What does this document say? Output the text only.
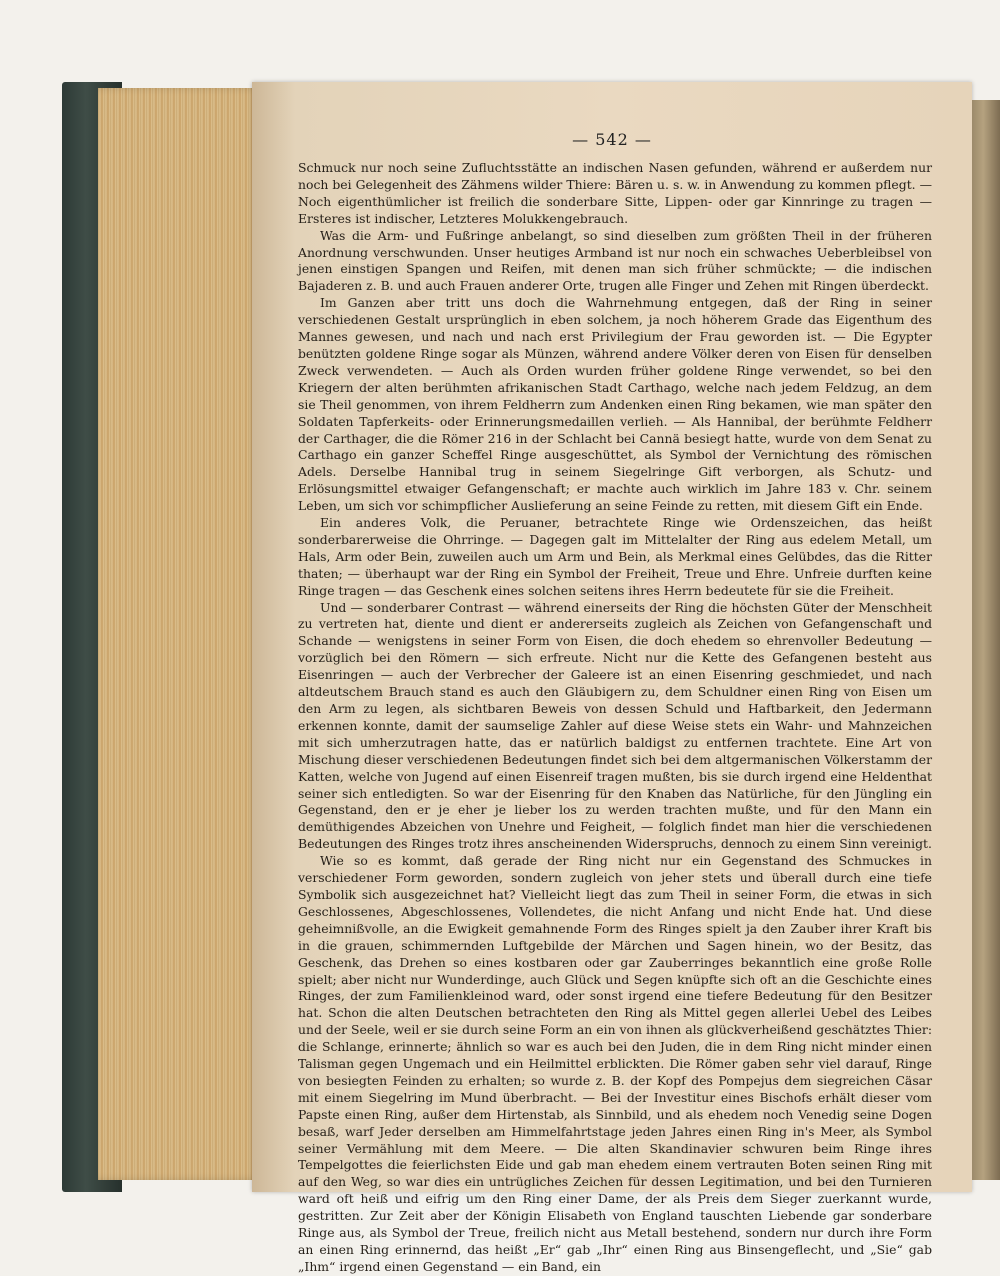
— 542 —

Schmuck nur noch seine Zufluchtsstätte an indischen Nasen gefunden, während er außerdem nur noch bei Gelegenheit des Zähmens wilder Thiere: Bären u. s. w. in Anwendung zu kommen pflegt. — Noch eigenthümlicher ist freilich die sonderbare Sitte, Lippen- oder gar Kinnringe zu tragen — Ersteres ist indischer, Letzteres Molukkengebrauch.

Was die Arm- und Fußringe anbelangt, so sind dieselben zum größten Theil in der früheren Anordnung verschwunden. Unser heutiges Armband ist nur noch ein schwaches Ueberbleibsel von jenen einstigen Spangen und Reifen, mit denen man sich früher schmückte; — die indischen Bajaderen z. B. und auch Frauen anderer Orte, trugen alle Finger und Zehen mit Ringen überdeckt.

Im Ganzen aber tritt uns doch die Wahrnehmung entgegen, daß der Ring in seiner verschiedenen Gestalt ursprünglich in eben solchem, ja noch höherem Grade das Eigenthum des Mannes gewesen, und nach und nach erst Privilegium der Frau geworden ist. — Die Egypter benützten goldene Ringe sogar als Münzen, während andere Völker deren von Eisen für denselben Zweck verwendeten. — Auch als Orden wurden früher goldene Ringe verwendet, so bei den Kriegern der alten berühmten afrikanischen Stadt Carthago, welche nach jedem Feldzug, an dem sie Theil genommen, von ihrem Feldherrn zum Andenken einen Ring bekamen, wie man später den Soldaten Tapferkeits- oder Erinnerungsmedaillen verlieh. — Als Hannibal, der berühmte Feldherr der Carthager, die die Römer 216 in der Schlacht bei Cannä besiegt hatte, wurde von dem Senat zu Carthago ein ganzer Scheffel Ringe ausgeschüttet, als Symbol der Vernichtung des römischen Adels. Derselbe Hannibal trug in seinem Siegelringe Gift verborgen, als Schutz- und Erlösungsmittel etwaiger Gefangenschaft; er machte auch wirklich im Jahre 183 v. Chr. seinem Leben, um sich vor schimpflicher Auslieferung an seine Feinde zu retten, mit diesem Gift ein Ende.

Ein anderes Volk, die Peruaner, betrachtete Ringe wie Ordenszeichen, das heißt sonderbarerweise die Ohrringe. — Dagegen galt im Mittelalter der Ring aus edelem Metall, um Hals, Arm oder Bein, zuweilen auch um Arm und Bein, als Merkmal eines Gelübdes, das die Ritter thaten; — überhaupt war der Ring ein Symbol der Freiheit, Treue und Ehre. Unfreie durften keine Ringe tragen — das Geschenk eines solchen seitens ihres Herrn bedeutete für sie die Freiheit.

Und — sonderbarer Contrast — während einerseits der Ring die höchsten Güter der Menschheit zu vertreten hat, diente und dient er andererseits zugleich als Zeichen von Gefangenschaft und Schande — wenigstens in seiner Form von Eisen, die doch ehedem so ehrenvoller Bedeutung — vorzüglich bei den Römern — sich erfreute. Nicht nur die Kette des Gefangenen besteht aus Eisenringen — auch der Verbrecher der Galeere ist an einen Eisenring geschmiedet, und nach altdeutschem Brauch stand es auch den Gläubigern zu, dem Schuldner einen Ring von Eisen um den Arm zu legen, als sichtbaren Beweis von dessen Schuld und Haftbarkeit, den Jedermann erkennen konnte, damit der saumselige Zahler auf diese Weise stets ein Wahr- und Mahnzeichen mit sich umherzutragen hatte, das er natürlich baldigst zu entfernen trachtete. Eine Art von Mischung dieser verschiedenen Bedeutungen findet sich bei dem altgermanischen Völkerstamm der Katten, welche von Jugend auf einen Eisenreif tragen mußten, bis sie durch irgend eine Heldenthat seiner sich entledigten. So war der Eisenring für den Knaben das Natürliche, für den Jüngling ein Gegenstand, den er je eher je lieber los zu werden trachten mußte, und für den Mann ein demüthigendes Abzeichen von Unehre und Feigheit, — folglich findet man hier die verschiedenen Bedeutungen des Ringes trotz ihres anscheinenden Widerspruchs, dennoch zu einem Sinn vereinigt.

Wie so es kommt, daß gerade der Ring nicht nur ein Gegenstand des Schmuckes in verschiedener Form geworden, sondern zugleich von jeher stets und überall durch eine tiefe Symbolik sich ausgezeichnet hat? Vielleicht liegt das zum Theil in seiner Form, die etwas in sich Geschlossenes, Abgeschlossenes, Vollendetes, die nicht Anfang und nicht Ende hat. Und diese geheimnißvolle, an die Ewigkeit gemahnende Form des Ringes spielt ja den Zauber ihrer Kraft bis in die grauen, schimmernden Luftgebilde der Märchen und Sagen hinein, wo der Besitz, das Geschenk, das Drehen so eines kostbaren oder gar Zauberringes bekanntlich eine große Rolle spielt; aber nicht nur Wunderdinge, auch Glück und Segen knüpfte sich oft an die Geschichte eines Ringes, der zum Familienkleinod ward, oder sonst irgend eine tiefere Bedeutung für den Besitzer hat. Schon die alten Deutschen betrachteten den Ring als Mittel gegen allerlei Uebel des Leibes und der Seele, weil er sie durch seine Form an ein von ihnen als glückverheißend geschätztes Thier: die Schlange, erinnerte; ähnlich so war es auch bei den Juden, die in dem Ring nicht minder einen Talisman gegen Ungemach und ein Heilmittel erblickten. Die Römer gaben sehr viel darauf, Ringe von besiegten Feinden zu erhalten; so wurde z. B. der Kopf des Pompejus dem siegreichen Cäsar mit einem Siegelring im Mund überbracht. — Bei der Investitur eines Bischofs erhält dieser vom Papste einen Ring, außer dem Hirtenstab, als Sinnbild, und als ehedem noch Venedig seine Dogen besaß, warf Jeder derselben am Himmelfahrtstage jeden Jahres einen Ring in's Meer, als Symbol seiner Vermählung mit dem Meere. — Die alten Skandinavier schwuren beim Ringe ihres Tempelgottes die feierlichsten Eide und gab man ehedem einem vertrauten Boten seinen Ring mit auf den Weg, so war dies ein untrügliches Zeichen für dessen Legitimation, und bei den Turnieren ward oft heiß und eifrig um den Ring einer Dame, der als Preis dem Sieger zuerkannt wurde, gestritten. Zur Zeit aber der Königin Elisabeth von England tauschten Liebende gar sonderbare Ringe aus, als Symbol der Treue, freilich nicht aus Metall bestehend, sondern nur durch ihre Form an einen Ring erinnernd, das heißt „Er“ gab „Ihr“ einen Ring aus Binsengeflecht, und „Sie“ gab „Ihm“ irgend einen Gegenstand — ein Band, ein
